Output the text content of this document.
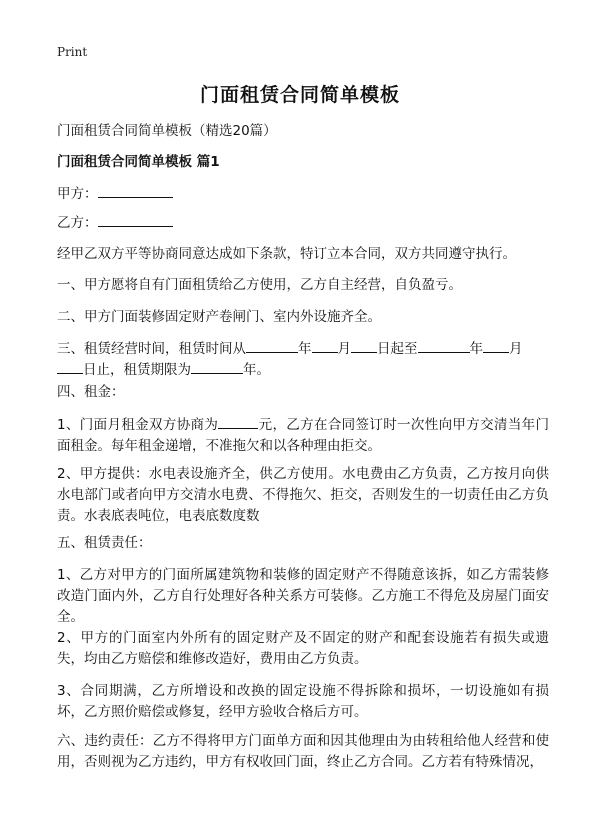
Print
门面租赁合同简单模板
门面租赁合同简单模板（精选20篇）
门面租赁合同简单模板 篇1
甲方：
乙方：
经甲乙双方平等协商同意达成如下条款，特订立本合同，双方共同遵守执行。
一、甲方愿将自有门面租赁给乙方使用，乙方自主经营，自负盈亏。
二、甲方门面装修固定财产卷闸门、室内外设施齐全。
三、租赁经营时间，租赁时间从	年 月 日起至	年 月
日止，租赁期限为	年。
四、租金：
1、门面月租金双方协商为	元，乙方在合同签订时一次性向甲方交清当年门面租金。每年租金递增，不准拖欠和以各种理由拒交。
2、甲方提供：水电表设施齐全，供乙方使用。水电费由乙方负责，乙方按月向供水电部门或者向甲方交清水电费、不得拖欠、拒交，否则发生的一切责任由乙方负责。水表底表吨位，电表底数度数
五、租赁责任：
1、乙方对甲方的门面所属建筑物和装修的固定财产不得随意该拆，如乙方需装修改造门面内外，乙方自行处理好各种关系方可装修。乙方施工不得危及房屋门面安全。
2、甲方的门面室内外所有的固定财产及不固定的财产和配套设施若有损失或遗失，均由乙方赔偿和维修改造好，费用由乙方负责。
3、合同期满，乙方所增设和改换的固定设施不得拆除和损坏，一切设施如有损坏，乙方照价赔偿或修复，经甲方验收合格后方可。
六、违约责任：乙方不得将甲方门面单方面和因其他理由为由转租给他人经营和使用，否则视为乙方违约，甲方有权收回门面，终止乙方合同。乙方若有特殊情况，
